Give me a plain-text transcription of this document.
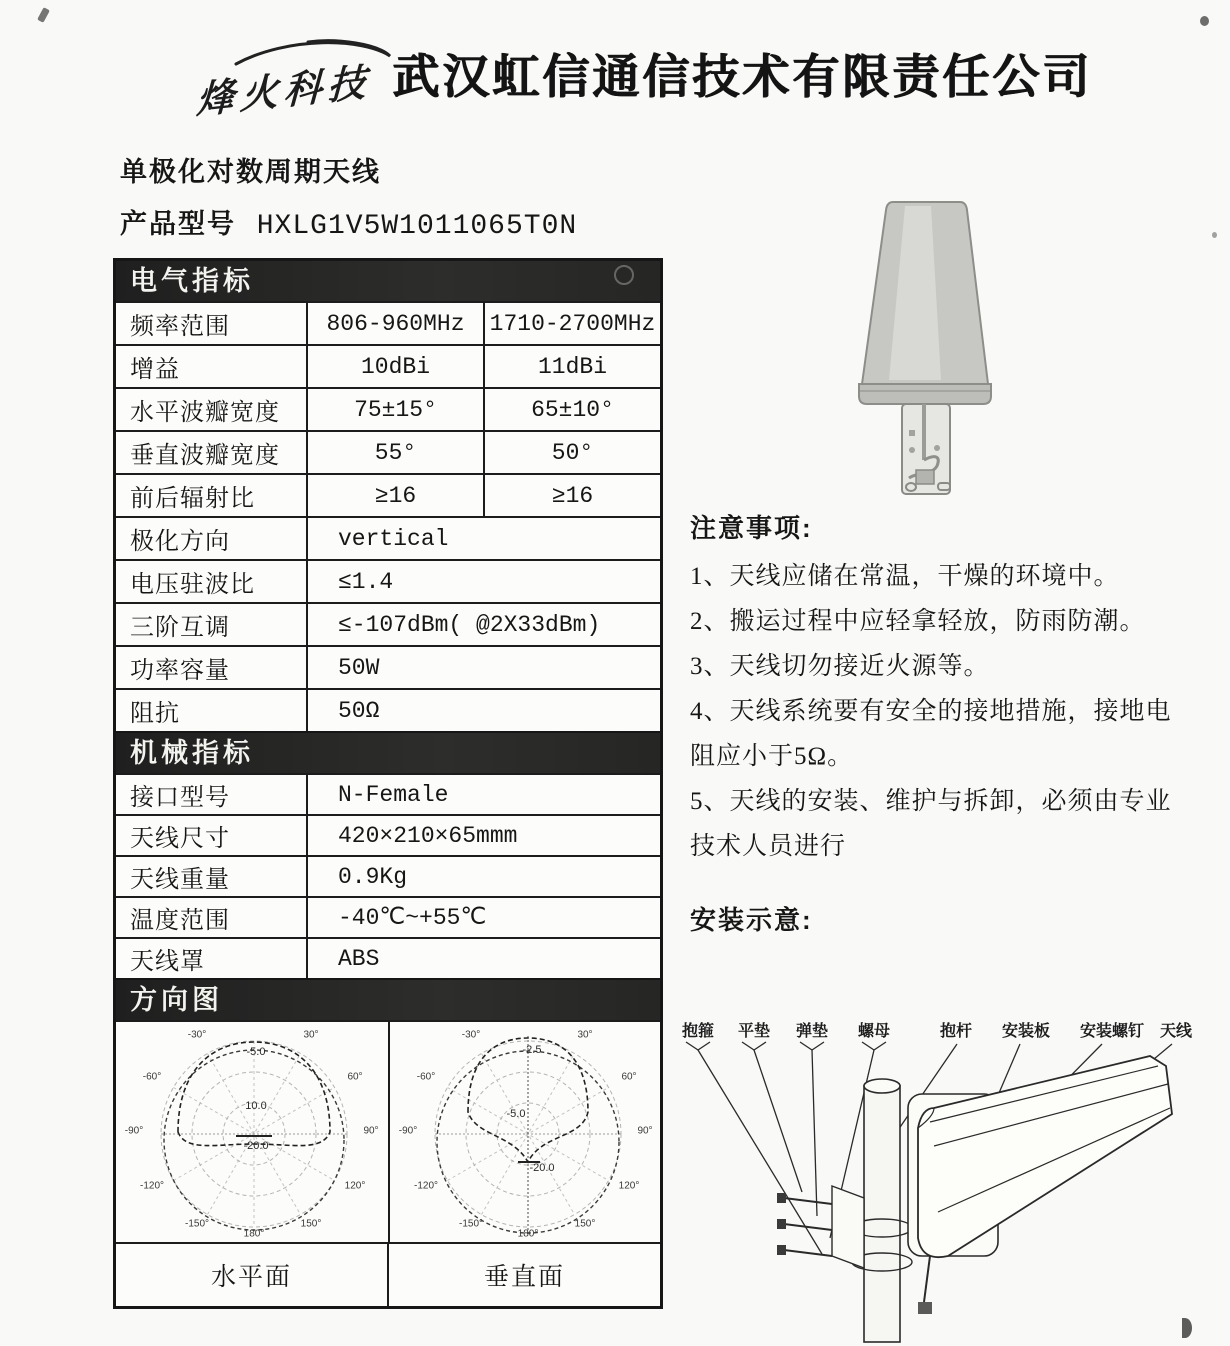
烽火科技 武汉虹信通信技术有限责任公司
单极化对数周期天线
产品型号 HXLG1V5W1011065T0N
电气指标
频率范围	806-960MHz	1710-2700MHz
增益	10dBi	11dBi
水平波瓣宽度	75±15°	65±10°
垂直波瓣宽度	55°	50°
前后辐射比	≥16	≥16
极化方向	vertical
电压驻波比	≤1.4
三阶互调	≤-107dBm( @2X33dBm)
功率容量	50W
阻抗	50Ω
机械指标
接口型号	N-Female
天线尺寸	420×210×65mmm
天线重量	0.9Kg
温度范围	-40℃~+55℃
天线罩	ABS
方向图
-30°	30°
-60°	60°
-90°	90°
-120°	120°
-150°	150°
180°
-5.0
10.0
-20.0
-30°	30°
-60°	60°
-90°	90°
-120°	120°
-150°	150°
180°
-2.5
-5.0
-20.0
水平面	垂直面
注意事项:

1、天线应储在常温，干燥的环境中。

2、搬运过程中应轻拿轻放，防雨防潮。

3、天线切勿接近火源等。

4、天线系统要有安全的接地措施，接地电阻应小于5Ω。

5、天线的安装、维护与拆卸，必须由专业技术人员进行

安装示意:
抱箍 平垫 弹垫 螺母	抱杆 安装板 安装螺钉 天线
